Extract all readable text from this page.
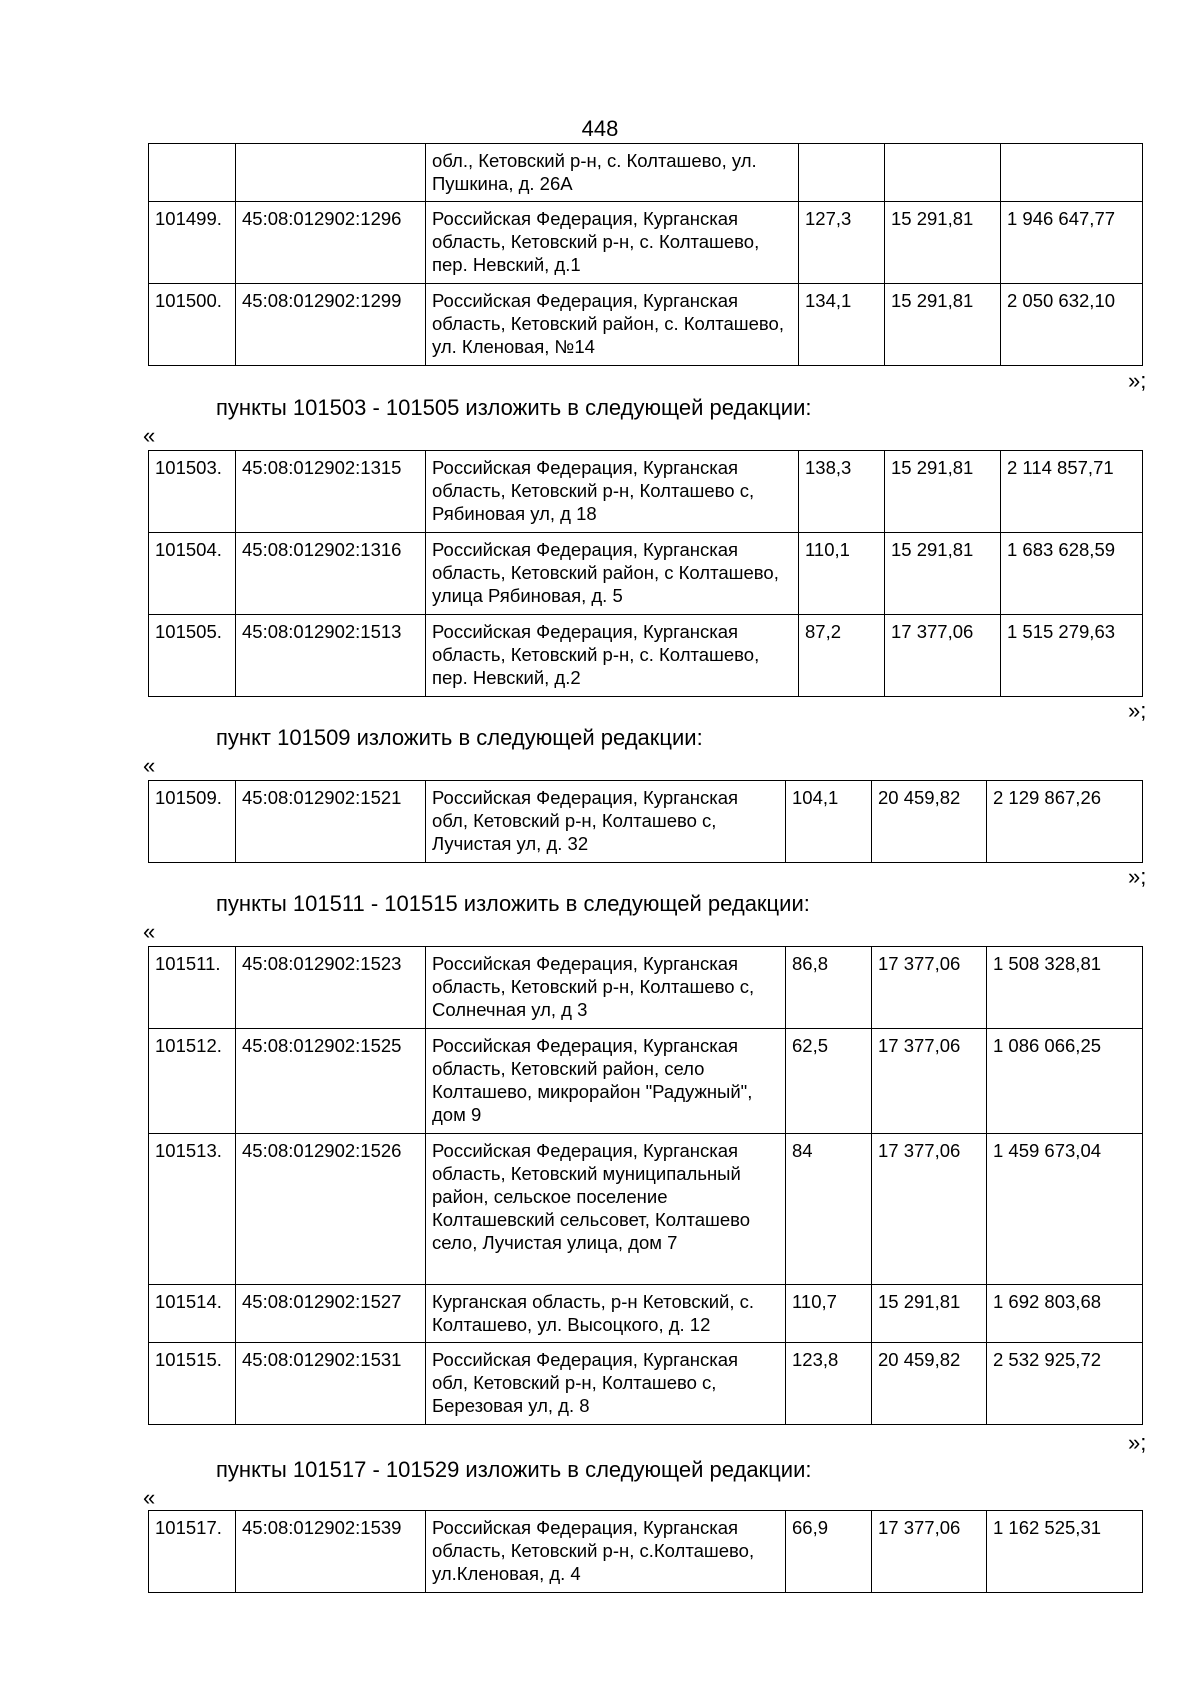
448
		обл., Кетовский р-н, с. Колташево, ул. Пушкина, д. 26А			
101499.	45:08:012902:1296	Российская Федерация, Курганская область, Кетовский р-н, с. Колташево, пер. Невский, д.1	127,3	15 291,81	1 946 647,77
101500.	45:08:012902:1299	Российская Федерация, Курганская область, Кетовский район, с. Колташево, ул. Кленовая, №14	134,1	15 291,81	2 050 632,10
»;
пункты 101503 - 101505 изложить в следующей редакции:
«
101503.	45:08:012902:1315	Российская Федерация, Курганская область, Кетовский р-н, Колташево с, Рябиновая ул, д 18	138,3	15 291,81	2 114 857,71
101504.	45:08:012902:1316	Российская Федерация, Курганская область, Кетовский район, с Колташево, улица Рябиновая, д. 5	110,1	15 291,81	1 683 628,59
101505.	45:08:012902:1513	Российская Федерация, Курганская область, Кетовский р-н, с. Колташево, пер. Невский, д.2	87,2	17 377,06	1 515 279,63
»;
пункт 101509 изложить в следующей редакции:
«
101509.	45:08:012902:1521	Российская Федерация, Курганская обл, Кетовский р-н, Колташево с, Лучистая ул, д. 32	104,1	20 459,82	2 129 867,26
»;
пункты 101511 - 101515 изложить в следующей редакции:
«
101511.	45:08:012902:1523	Российская Федерация, Курганская область, Кетовский р-н, Колташево с, Солнечная ул, д 3	86,8	17 377,06	1 508 328,81
101512.	45:08:012902:1525	Российская Федерация, Курганская область, Кетовский район, село Колташево, микрорайон "Радужный", дом 9	62,5	17 377,06	1 086 066,25
101513.	45:08:012902:1526	Российская Федерация, Курганская область, Кетовский муниципальный район, сельское поселение Колташевский сельсовет, Колташево село, Лучистая улица, дом 7	84	17 377,06	1 459 673,04
101514.	45:08:012902:1527	Курганская область, р-н Кетовский, с. Колташево, ул. Высоцкого, д. 12	110,7	15 291,81	1 692 803,68
101515.	45:08:012902:1531	Российская Федерация, Курганская обл, Кетовский р-н, Колташево с, Березовая ул, д. 8	123,8	20 459,82	2 532 925,72
»;
пункты 101517 - 101529 изложить в следующей редакции:
«
101517.	45:08:012902:1539	Российская Федерация, Курганская область, Кетовский р-н, с.Колташево, ул.Кленовая, д. 4	66,9	17 377,06	1 162 525,31
